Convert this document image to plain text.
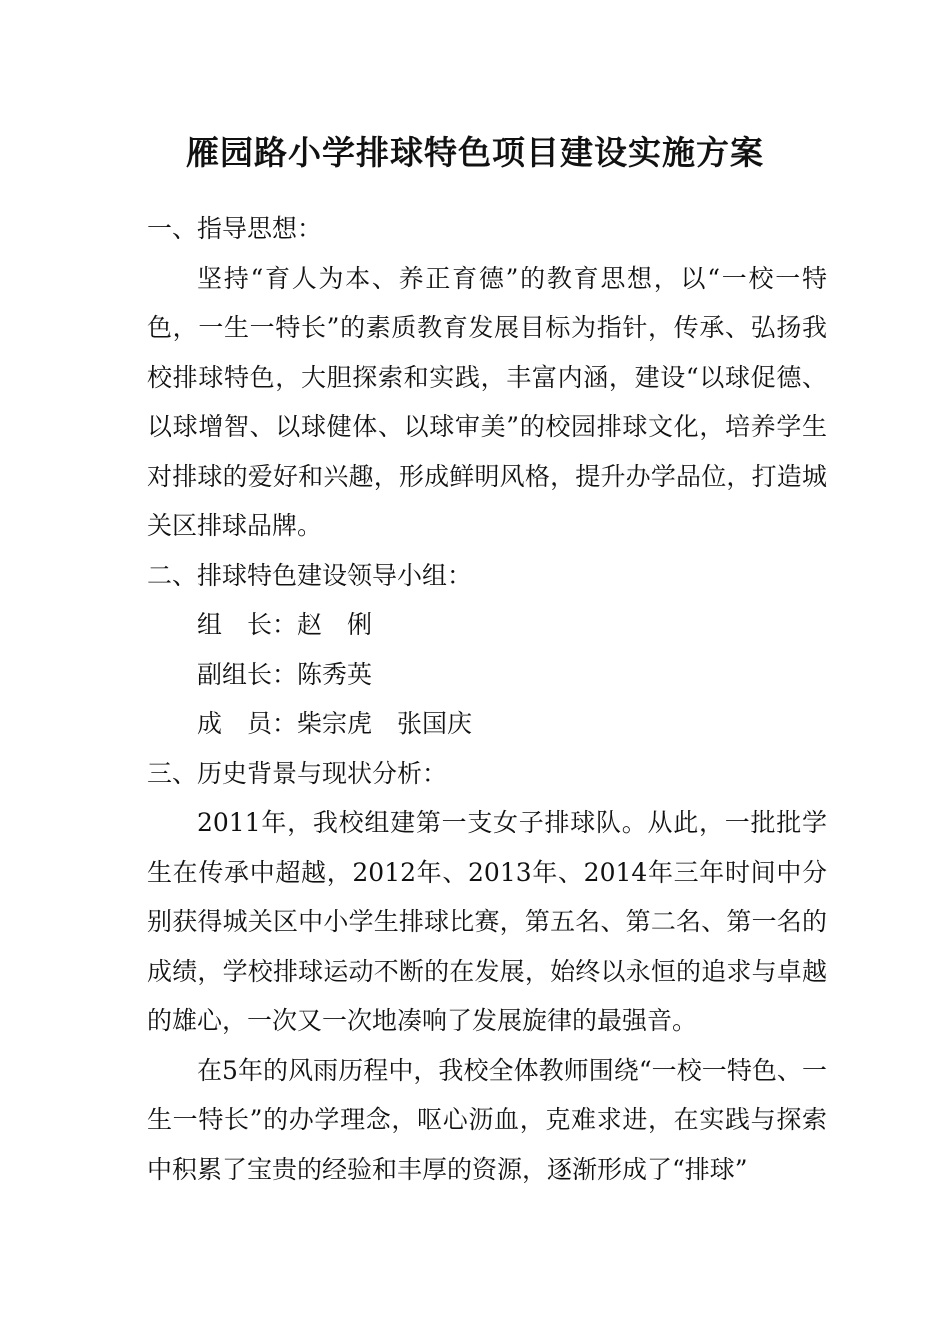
雁园路小学排球特色项目建设实施方案

一、指导思想：

坚持“育人为本、养正育德”的教育思想，以“一校一特色，一生一特长”的素质教育发展目标为指针，传承、弘扬我校排球特色，大胆探索和实践，丰富内涵，建设“以球促德、以球增智、以球健体、以球审美”的校园排球文化，培养学生对排球的爱好和兴趣，形成鲜明风格，提升办学品位，打造城关区排球品牌。

二、排球特色建设领导小组：

组　长：赵　俐

副组长：陈秀英

成　员：柴宗虎　张国庆

三、历史背景与现状分析：

2011年，我校组建第一支女子排球队。从此，一批批学生在传承中超越，2012年、2013年、2014年三年时间中分别获得城关区中小学生排球比赛，第五名、第二名、第一名的成绩，学校排球运动不断的在发展，始终以永恒的追求与卓越的雄心，一次又一次地凑响了发展旋律的最强音。

在5年的风雨历程中，我校全体教师围绕“一校一特色、一生一特长”的办学理念，呕心沥血，克难求进，在实践与探索中积累了宝贵的经验和丰厚的资源，逐渐形成了“排球”
